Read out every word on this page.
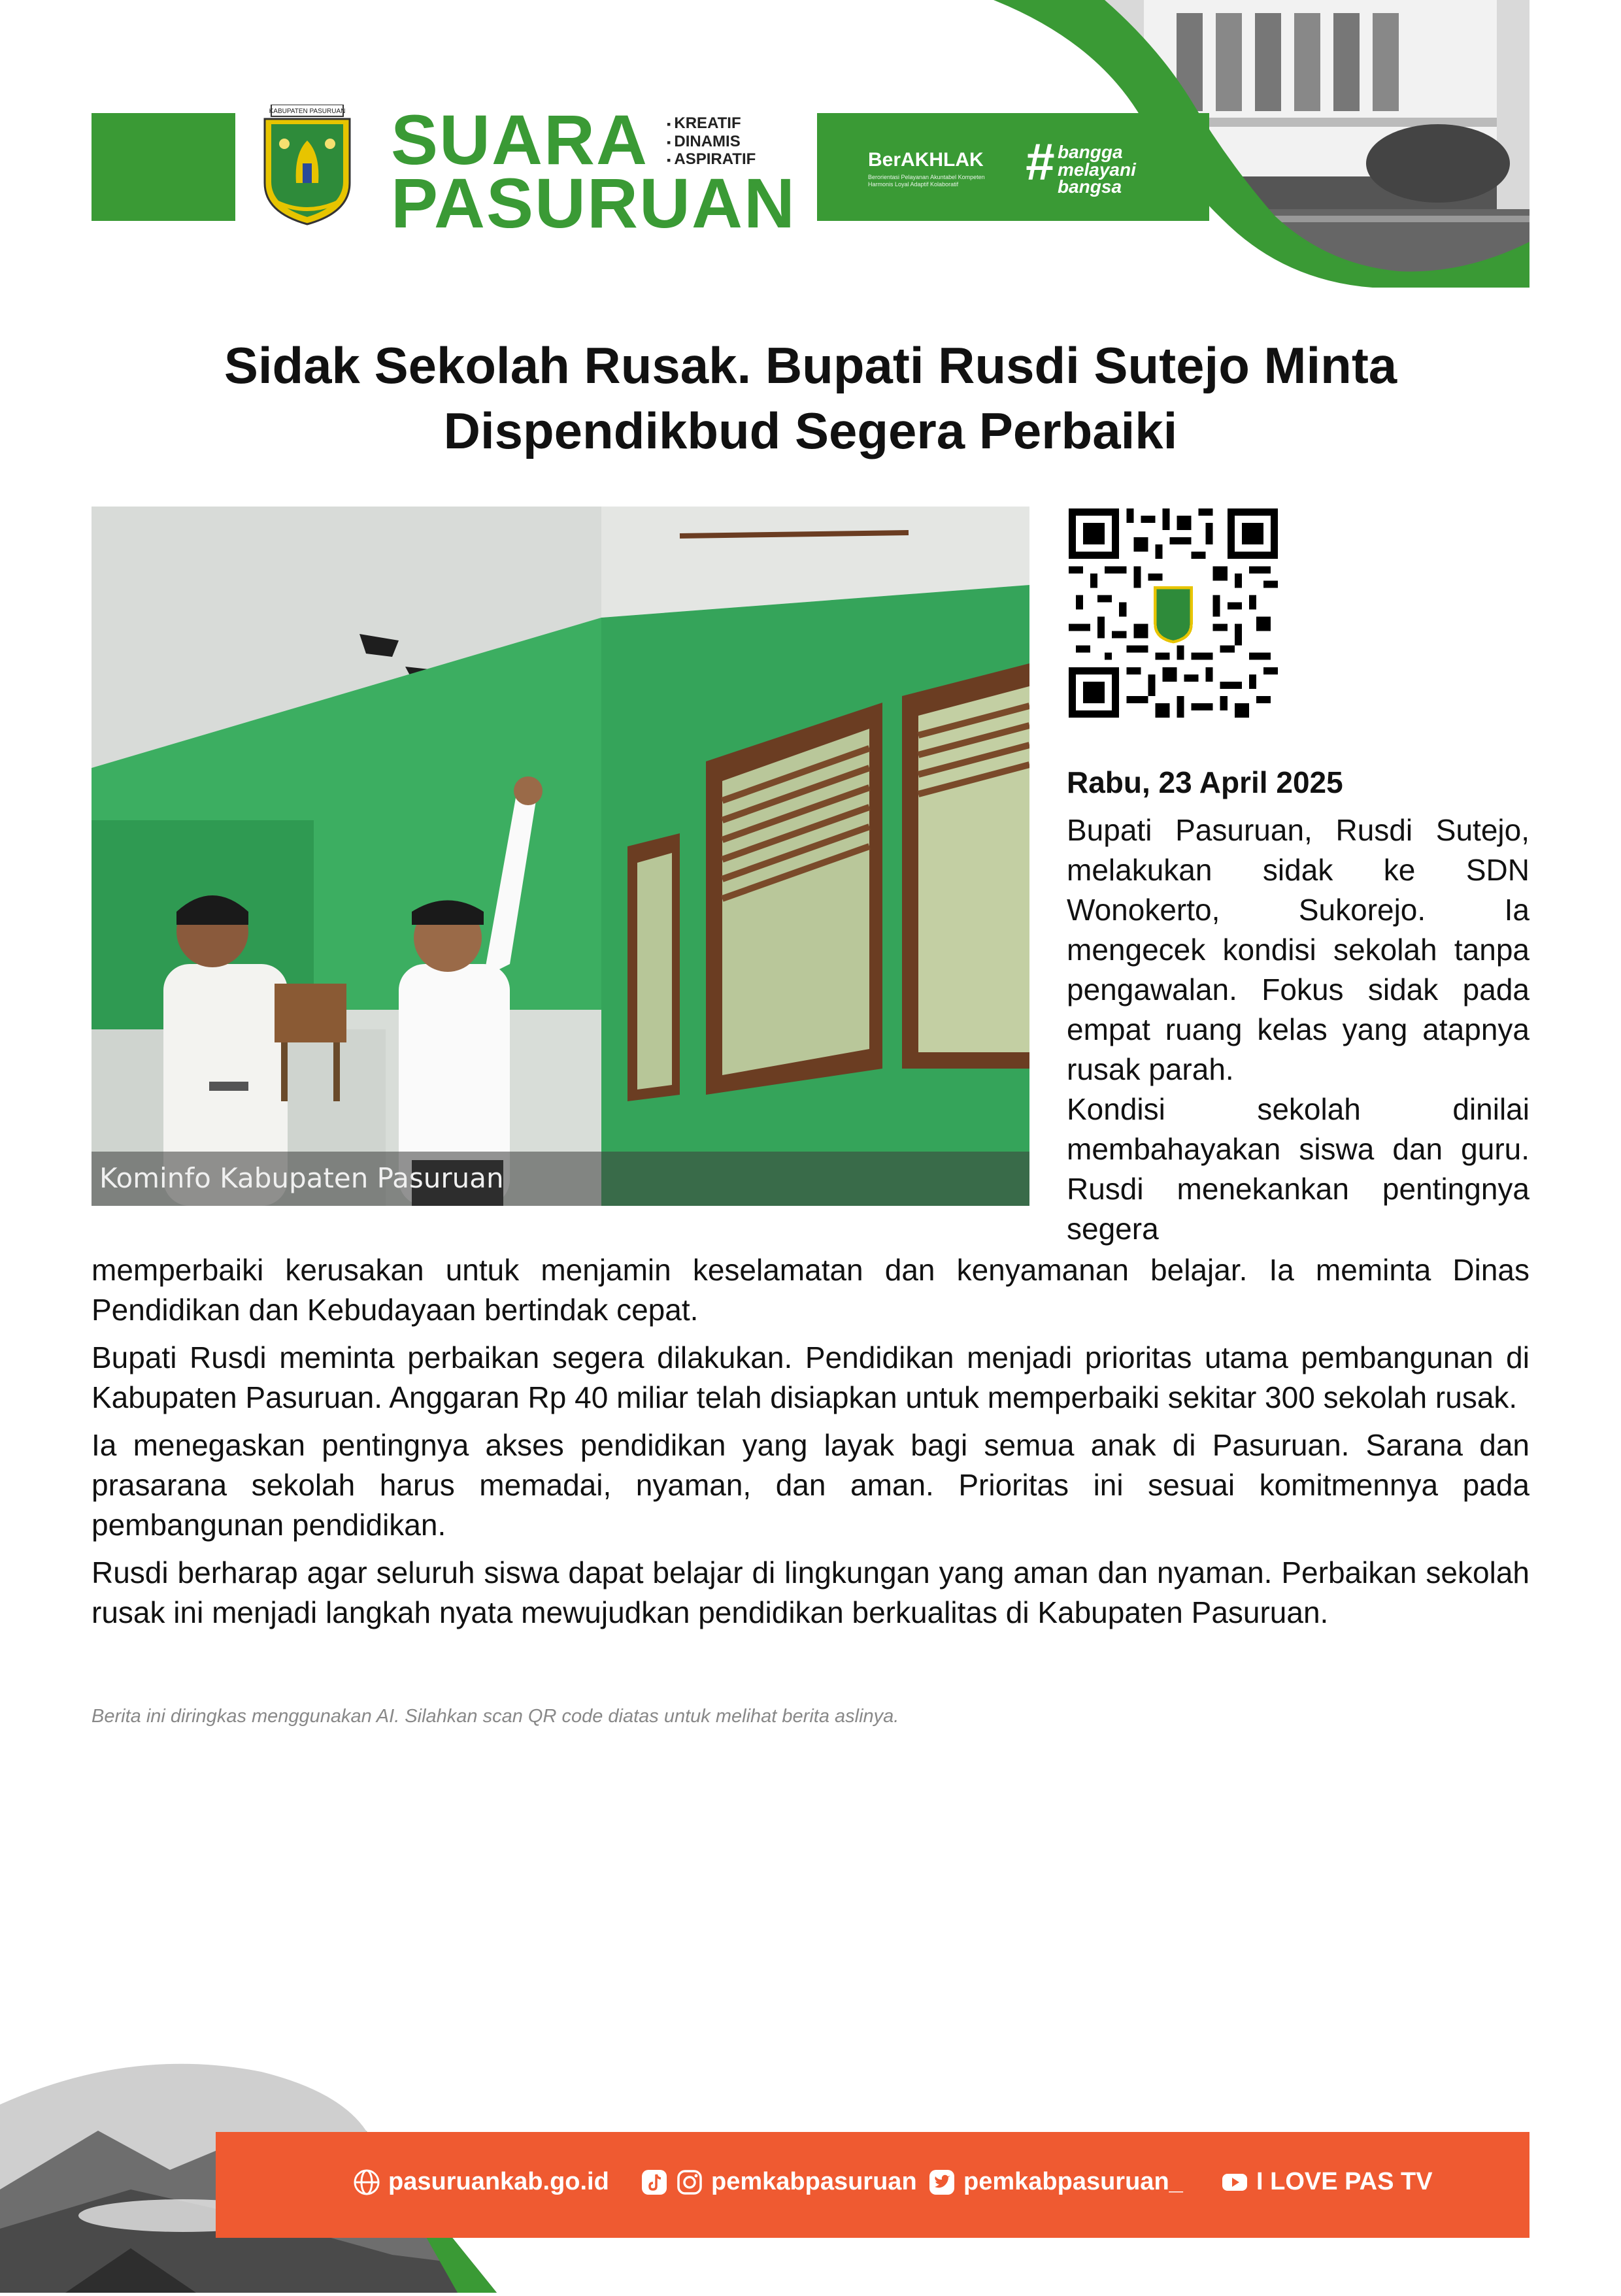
KABUPATEN PASURUAN SUARA
PASURUAN
▪ KREATIF
▪ DINAMIS
▪ ASPIRATIF	BerAKHLAK
Berorientasi Pelayanan Akuntabel Kompeten Harmonis Loyal Adaptif Kolaboratif	# bangga
melayani
bangsa
Sidak Sekolah Rusak. Bupati Rusdi Sutejo Minta
Dispendikbud Segera Perbaiki
Kominfo Kabupaten Pasuruan
Rabu, 23 April 2025

Bupati Pasuruan, Rusdi Sutejo, melakukan sidak ke SDN Wonokerto, Sukorejo. Ia mengecek kondisi sekolah tanpa pengawalan. Fokus sidak pada empat ruang kelas yang atapnya rusak parah.

Kondisi sekolah dinilai membahayakan siswa dan guru. Rusdi menekankan pentingnya segera

memperbaiki kerusakan untuk menjamin keselamatan dan kenyamanan belajar. Ia meminta Dinas Pendidikan dan Kebudayaan bertindak cepat.

Bupati Rusdi meminta perbaikan segera dilakukan. Pendidikan menjadi prioritas utama pembangunan di Kabupaten Pasuruan. Anggaran Rp 40 miliar telah disiapkan untuk memperbaiki sekitar 300 sekolah rusak.

Ia menegaskan pentingnya akses pendidikan yang layak bagi semua anak di Pasuruan. Sarana dan prasarana sekolah harus memadai, nyaman, dan aman. Prioritas ini sesuai komitmennya pada pembangunan pendidikan.

Rusdi berharap agar seluruh siswa dapat belajar di lingkungan yang aman dan nyaman. Perbaikan sekolah rusak ini menjadi langkah nyata mewujudkan pendidikan berkualitas di Kabupaten Pasuruan.

Berita ini diringkas menggunakan AI. Silahkan scan QR code diatas untuk melihat berita aslinya.
pasuruankab.go.id	pemkabpasuruan pemkabpasuruan_	I LOVE PAS TV
